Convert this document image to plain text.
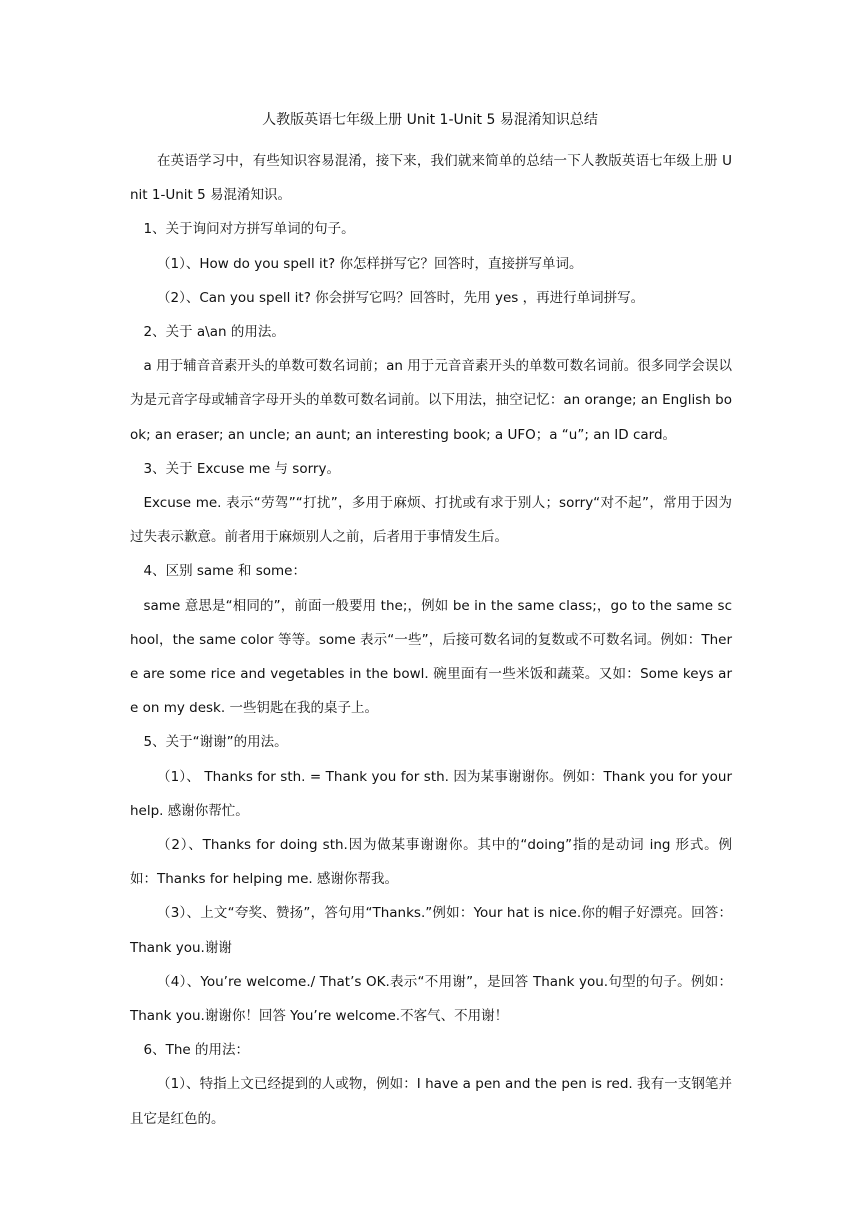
人教版英语七年级上册 Unit 1-Unit 5 易混淆知识总结

在英语学习中，有些知识容易混淆，接下来，我们就来简单的总结一下人教版英语七年级上册 Unit 1-Unit 5 易混淆知识。

1、关于询问对方拼写单词的句子。

（1）、How do you spell it? 你怎样拼写它？回答时，直接拼写单词。

（2）、Can you spell it? 你会拼写它吗？回答时，先用 yes ，再进行单词拼写。

2、关于 a\an 的用法。

a 用于辅音音素开头的单数可数名词前；an 用于元音音素开头的单数可数名词前。很多同学会误以为是元音字母或辅音字母开头的单数可数名词前。以下用法，抽空记忆：an orange; an English book; an eraser; an uncle; an aunt; an interesting book; a UFO；a “u”; an ID card。

3、关于 Excuse me 与 sorry。

Excuse me. 表示“劳驾”“打扰”，多用于麻烦、打扰或有求于别人；sorry“对不起”，常用于因为过失表示歉意。前者用于麻烦别人之前，后者用于事情发生后。

4、区别 same 和 some：

same 意思是“相同的”，前面一般要用 the;，例如 be in the same class;，go to the same school，the same color 等等。some 表示“一些”，后接可数名词的复数或不可数名词。例如：There are some rice and vegetables in the bowl. 碗里面有一些米饭和蔬菜。又如：Some keys are on my desk. 一些钥匙在我的桌子上。

5、关于“谢谢”的用法。

（1）、 Thanks for sth. = Thank you for sth. 因为某事谢谢你。例如：Thank you for your help. 感谢你帮忙。

（2）、Thanks for doing sth.因为做某事谢谢你。其中的“doing”指的是动词 ing 形式。例如：Thanks for helping me. 感谢你帮我。

（3）、上文“夸奖、赞扬”，答句用“Thanks.”例如：Your hat is nice.你的帽子好漂亮。回答：Thank you.谢谢

（4）、You’re welcome./ That’s OK.表示“不用谢”，是回答 Thank you.句型的句子。例如：Thank you.谢谢你！回答 You’re welcome.不客气、不用谢！

6、The 的用法：

（1）、特指上文已经提到的人或物，例如：I have a pen and the pen is red. 我有一支钢笔并且它是红色的。
